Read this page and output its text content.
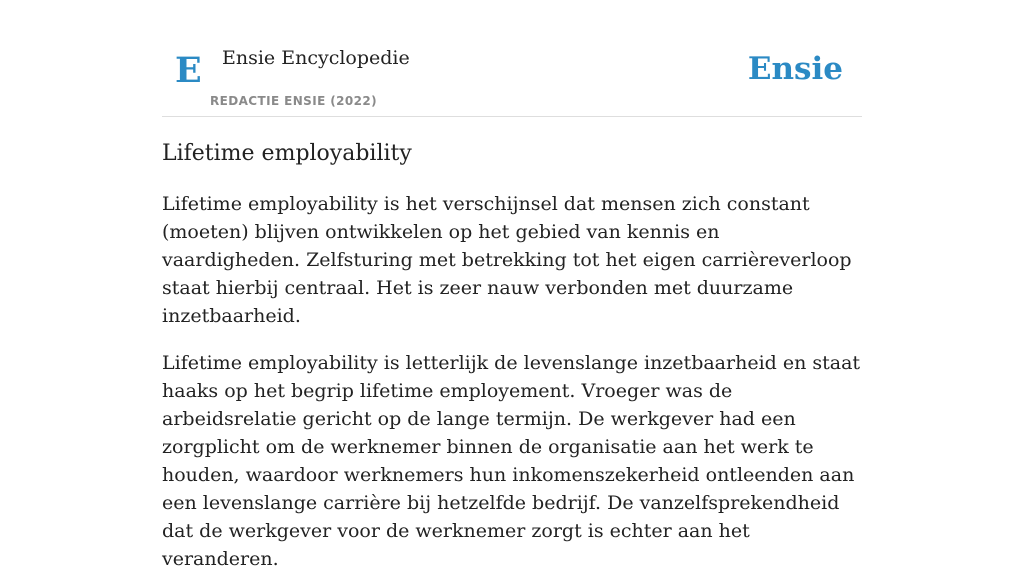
E Ensie Encyclopedie
REDACTIE ENSIE (2022)
Ensie
Lifetime employability

Lifetime employability is het verschijnsel dat mensen zich constant (moeten) blijven ontwikkelen op het gebied van kennis en vaardigheden. Zelfsturing met betrekking tot het eigen carrièreverloop staat hierbij centraal. Het is zeer nauw verbonden met duurzame inzetbaarheid.

Lifetime employability is letterlijk de levenslange inzetbaarheid en staat haaks op het begrip lifetime employement. Vroeger was de arbeidsrelatie gericht op de lange termijn. De werkgever had een zorgplicht om de werknemer binnen de organisatie aan het werk te houden, waardoor werknemers hun inkomenszekerheid ontleenden aan een levenslange carrière bij hetzelfde bedrijf. De vanzelfsprekendheid dat de werkgever voor de werknemer zorgt is echter aan het veranderen.
